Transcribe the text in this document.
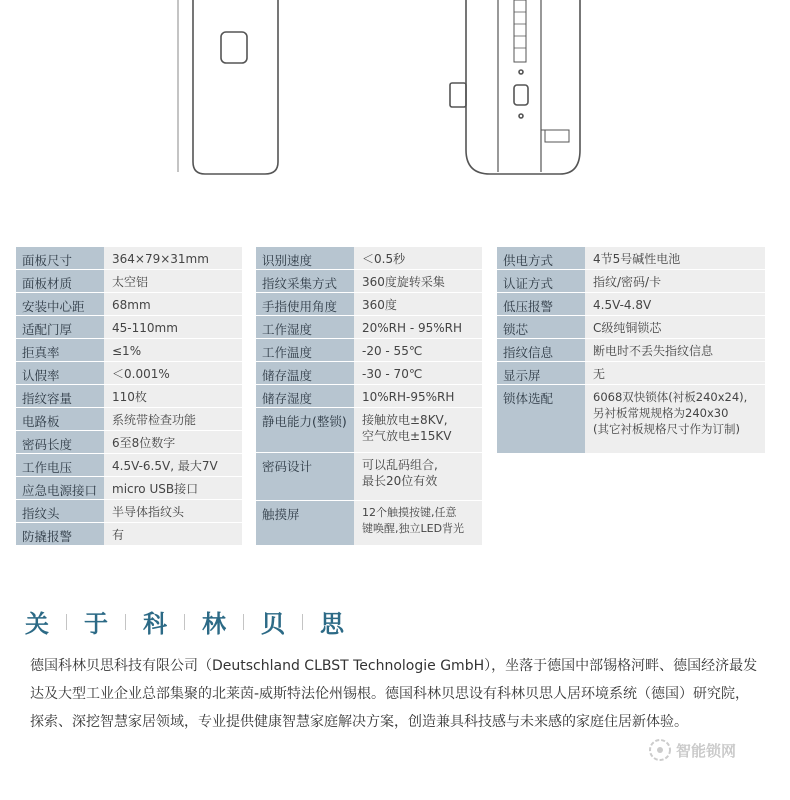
面板尺寸	364×79×31mm
面板材质	太空铝
安装中心距	68mm
适配门厚	45-110mm
拒真率	≤1%
认假率	＜0.001%
指纹容量	110枚
电路板	系统带检查功能
密码长度	6至8位数字
工作电压	4.5V-6.5V, 最大7V
应急电源接口	micro USB接口
指纹头	半导体指纹头
防撬报警	有
识别速度	＜0.5秒
指纹采集方式	360度旋转采集
手指使用角度	360度
工作湿度	20%RH - 95%RH
工作温度	-20 - 55℃
储存温度	-30 - 70℃
储存湿度	10%RH-95%RH
静电能力(整锁)	接触放电±8KV,
空气放电±15KV
密码设计	可以乱码组合,
最长20位有效
触摸屏	12个触摸按键,任意
键唤醒,独立LED背光
供电方式	4节5号碱性电池
认证方式	指纹/密码/卡
低压报警	4.5V-4.8V
锁芯	C级纯铜锁芯
指纹信息	断电时不丢失指纹信息
显示屏	无
锁体选配	6068双快锁体(衬板240x24),
另衬板常规规格为240x30
(其它衬板规格尺寸作为订制)
关 于 科 林 贝 思
德国科林贝思科技有限公司（Deutschland CLBST Technologie GmbH），坐落于德国中部锡格河畔、德国经济最发达及大型工业企业总部集聚的北莱茵-威斯特法伦州锡根。德国科林贝思设有科林贝思人居环境系统（德国）研究院，探索、深挖智慧家居领域，专业提供健康智慧家庭解决方案，创造兼具科技感与未来感的家庭住居新体验。
智能锁网
